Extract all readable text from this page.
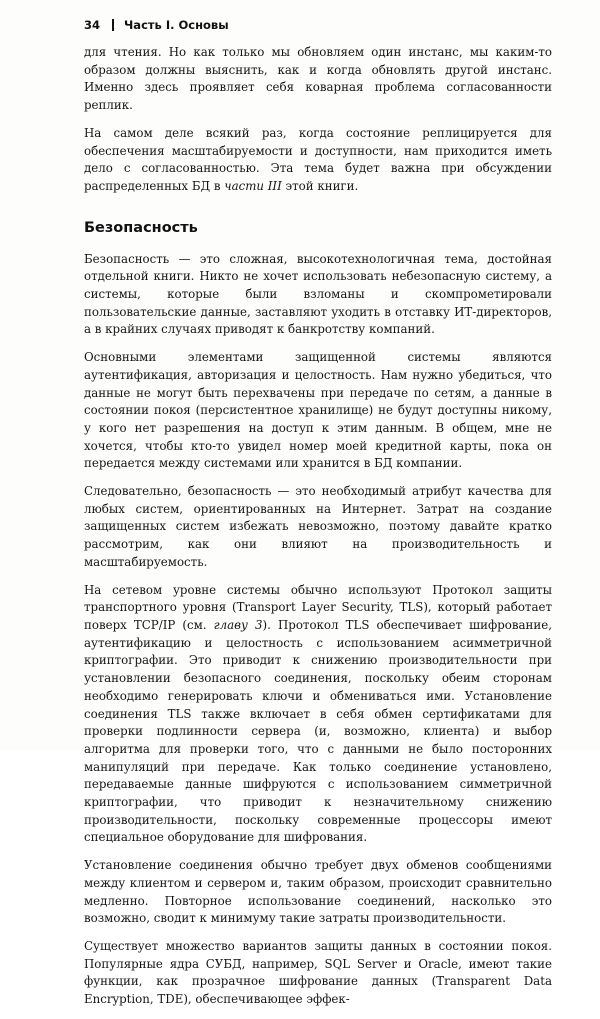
34 Часть I. Основы

для чтения. Но как только мы обновляем один инстанс, мы каким-то образом должны выяснить, как и когда обновлять другой инстанс. Именно здесь проявляет себя коварная проблема согласованности реплик.

На самом деле всякий раз, когда состояние реплицируется для обеспечения масштабируемости и доступности, нам приходится иметь дело с согласованностью. Эта тема будет важна при обсуждении распределенных БД в части III этой книги.

Безопасность

Безопасность — это сложная, высокотехнологичная тема, достойная отдельной книги. Никто не хочет использовать небезопасную систему, а системы, которые были взломаны и скомпрометировали пользовательские данные, заставляют уходить в отставку ИТ-директоров, а в крайних случаях приводят к банкротству компаний.

Основными элементами защищенной системы являются аутентификация, авторизация и целостность. Нам нужно убедиться, что данные не могут быть перехвачены при передаче по сетям, а данные в состоянии покоя (персистентное хранилище) не будут доступны никому, у кого нет разрешения на доступ к этим данным. В общем, мне не хочется, чтобы кто-то увидел номер моей кредитной карты, пока он передается между системами или хранится в БД компании.

Следовательно, безопасность — это необходимый атрибут качества для любых систем, ориентированных на Интернет. Затрат на создание защищенных систем избежать невозможно, поэтому давайте кратко рассмотрим, как они влияют на производительность и масштабируемость.

На сетевом уровне системы обычно используют Протокол защиты транспортного уровня (Transport Layer Security, TLS), который работает поверх TCP/IP (см. главу 3). Протокол TLS обеспечивает шифрование, аутентификацию и целостность с использованием асимметричной криптографии. Это приводит к снижению производительности при установлении безопасного соединения, поскольку обеим сторонам необходимо генерировать ключи и обмениваться ими. Установление соединения TLS также включает в себя обмен сертификатами для проверки подлинности сервера (и, возможно, клиента) и выбор алгоритма для проверки того, что с данными не было посторонних манипуляций при передаче. Как только соединение установлено, передаваемые данные шифруются с использованием симметричной криптографии, что приводит к незначительному снижению производительности, поскольку современные процессоры имеют специальное оборудование для шифрования.

Установление соединения обычно требует двух обменов сообщениями между клиентом и сервером и, таким образом, происходит сравнительно медленно. Повторное использование соединений, насколько это возможно, сводит к минимуму такие затраты производительности.

Существует множество вариантов защиты данных в состоянии покоя. Популярные ядра СУБД, например, SQL Server и Oracle, имеют такие функции, как прозрачное шифрование данных (Transparent Data Encryption, TDE), обеспечивающее эффек-
